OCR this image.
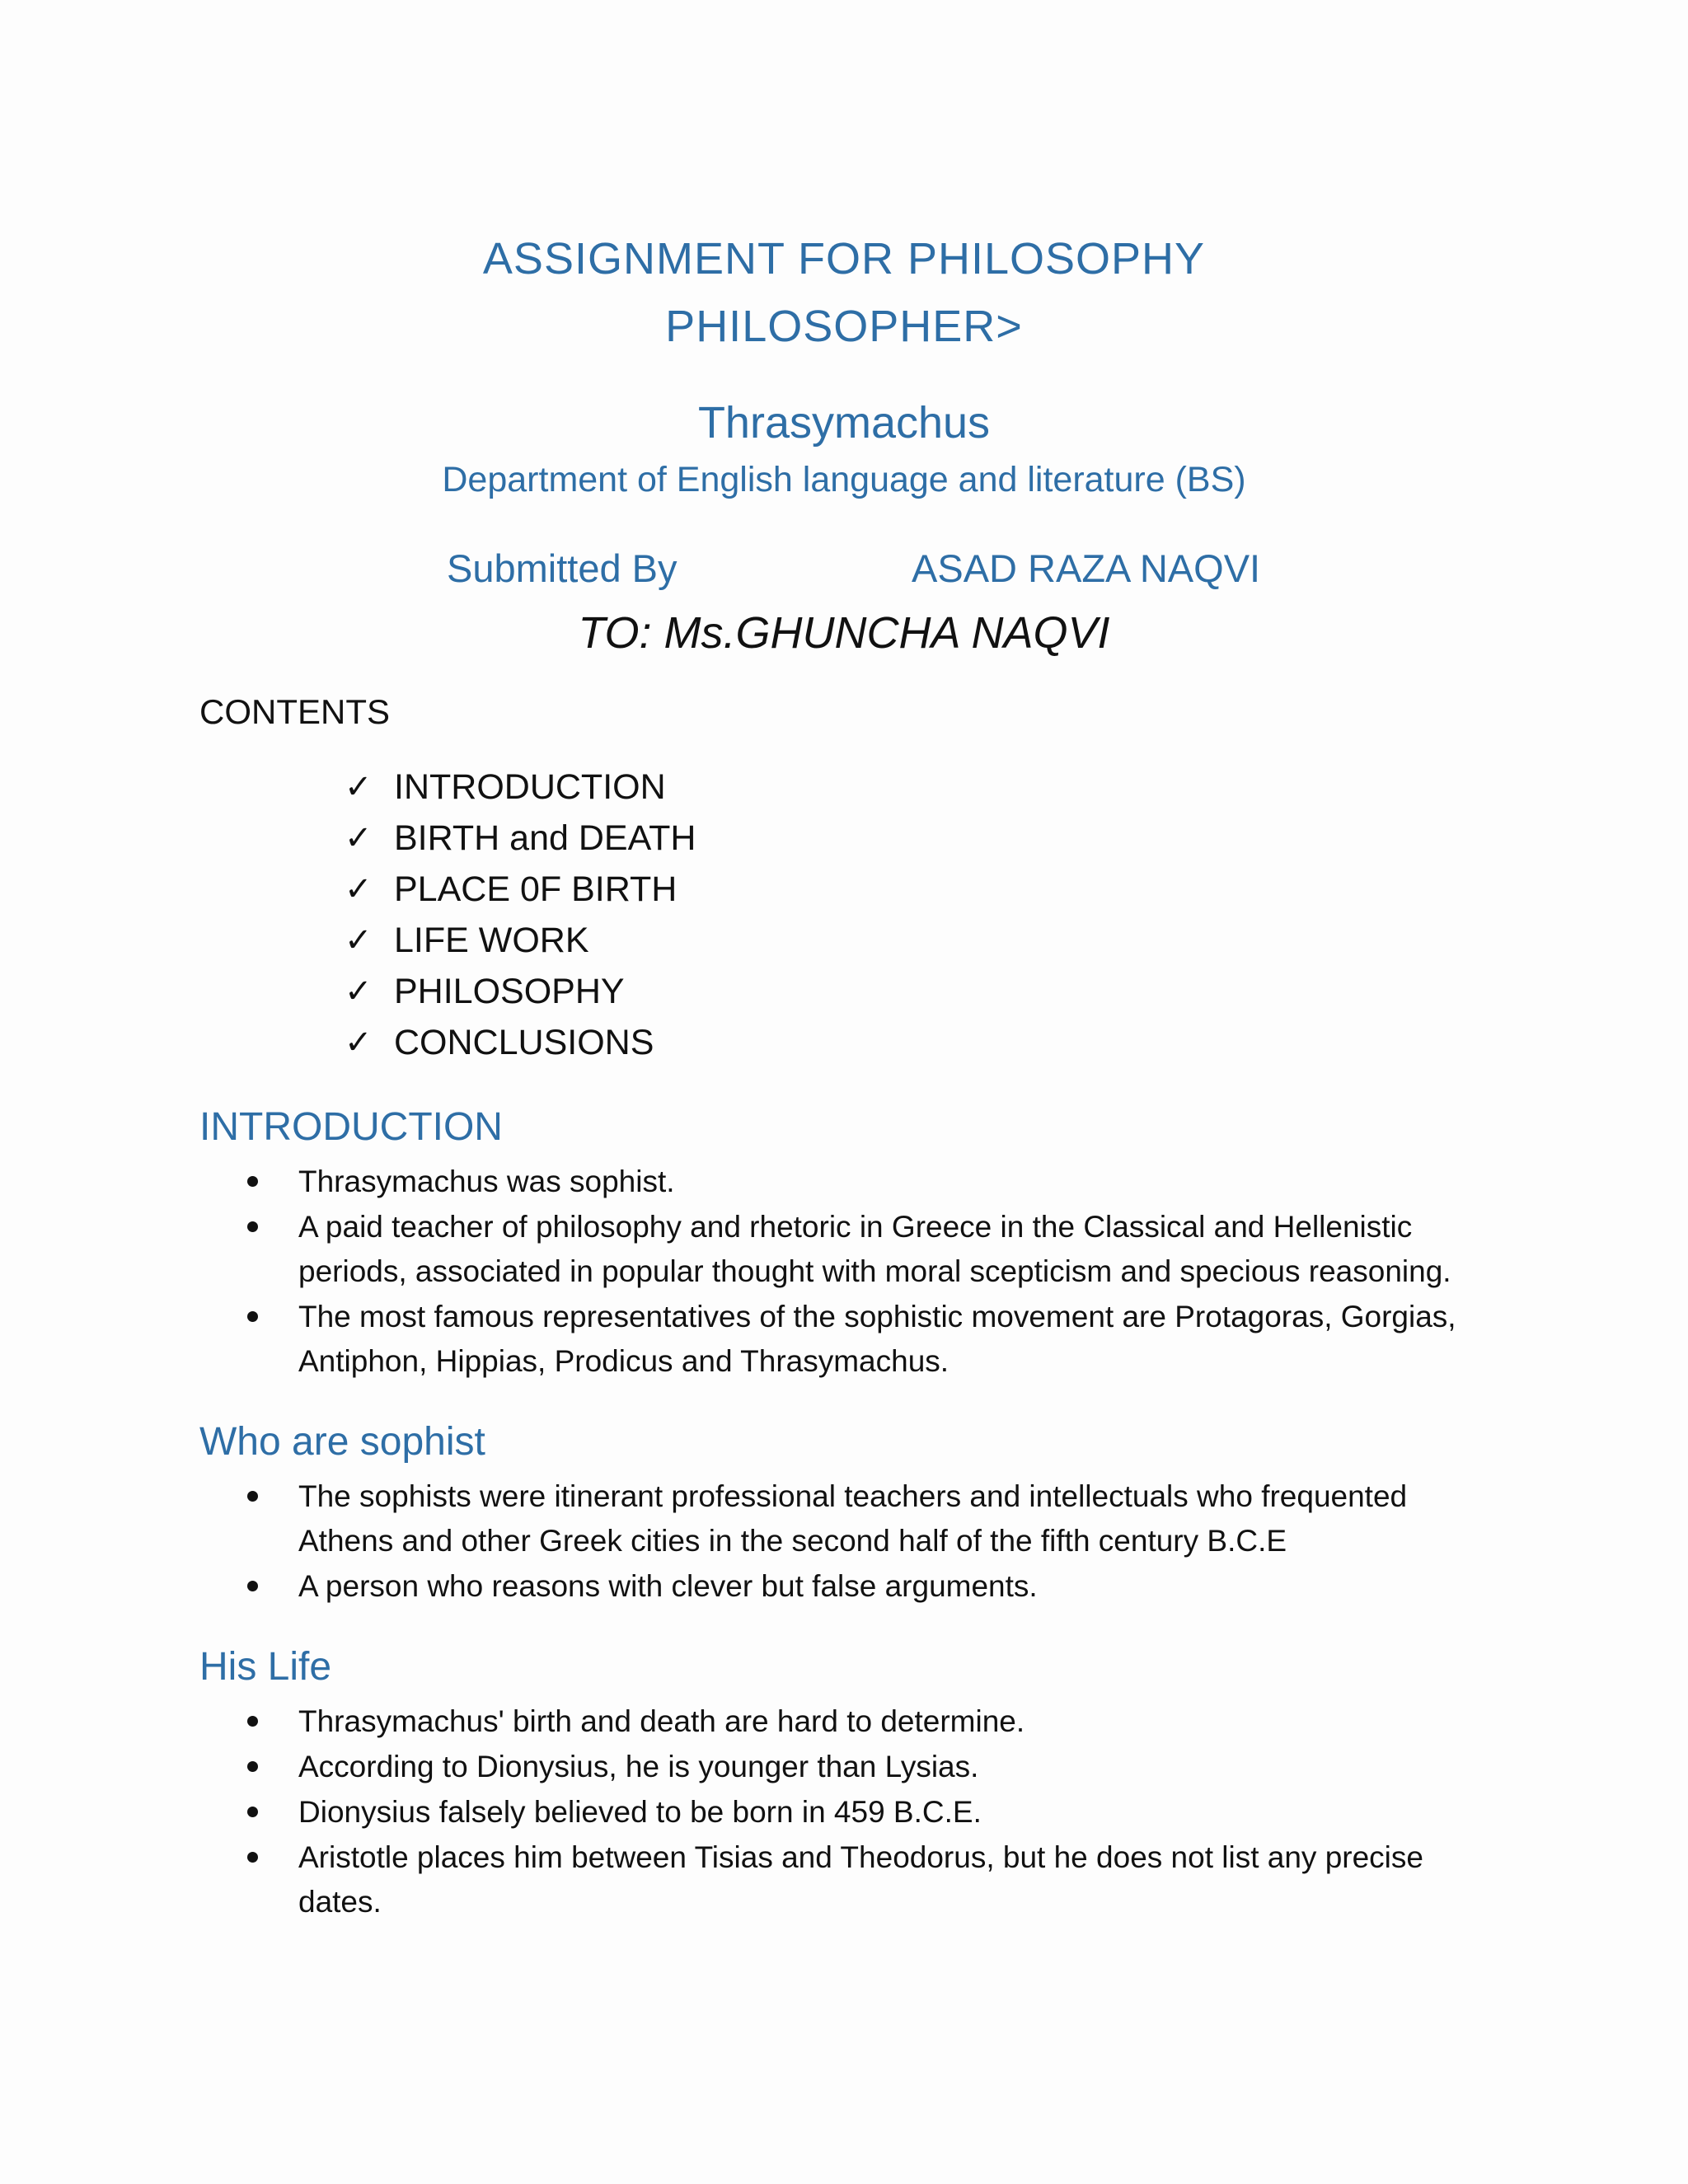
ASSIGNMENT FOR PHILOSOPHY
PHILOSOPHER>
Thrasymachus
Department of English language and literature (BS)
Submitted By	ASAD RAZA NAQVI
TO: Ms.GHUNCHA NAQVI
CONTENTS
✓ INTRODUCTION
✓ BIRTH and DEATH
✓ PLACE 0F BIRTH
✓ LIFE WORK
✓ PHILOSOPHY
✓ CONCLUSIONS
INTRODUCTION
Thrasymachus was sophist.
A paid teacher of philosophy and rhetoric in Greece in the Classical and Hellenistic periods, associated in popular thought with moral scepticism and specious reasoning.
The most famous representatives of the sophistic movement are Protagoras, Gorgias, Antiphon, Hippias, Prodicus and Thrasymachus.
Who are sophist
The sophists were itinerant professional teachers and intellectuals who frequented Athens and other Greek cities in the second half of the fifth century B.C.E
A person who reasons with clever but false arguments.
His Life
Thrasymachus' birth and death are hard to determine.
According to Dionysius, he is younger than Lysias.
Dionysius falsely believed to be born in 459 B.C.E.
Aristotle places him between Tisias and Theodorus, but he does not list any precise dates.
